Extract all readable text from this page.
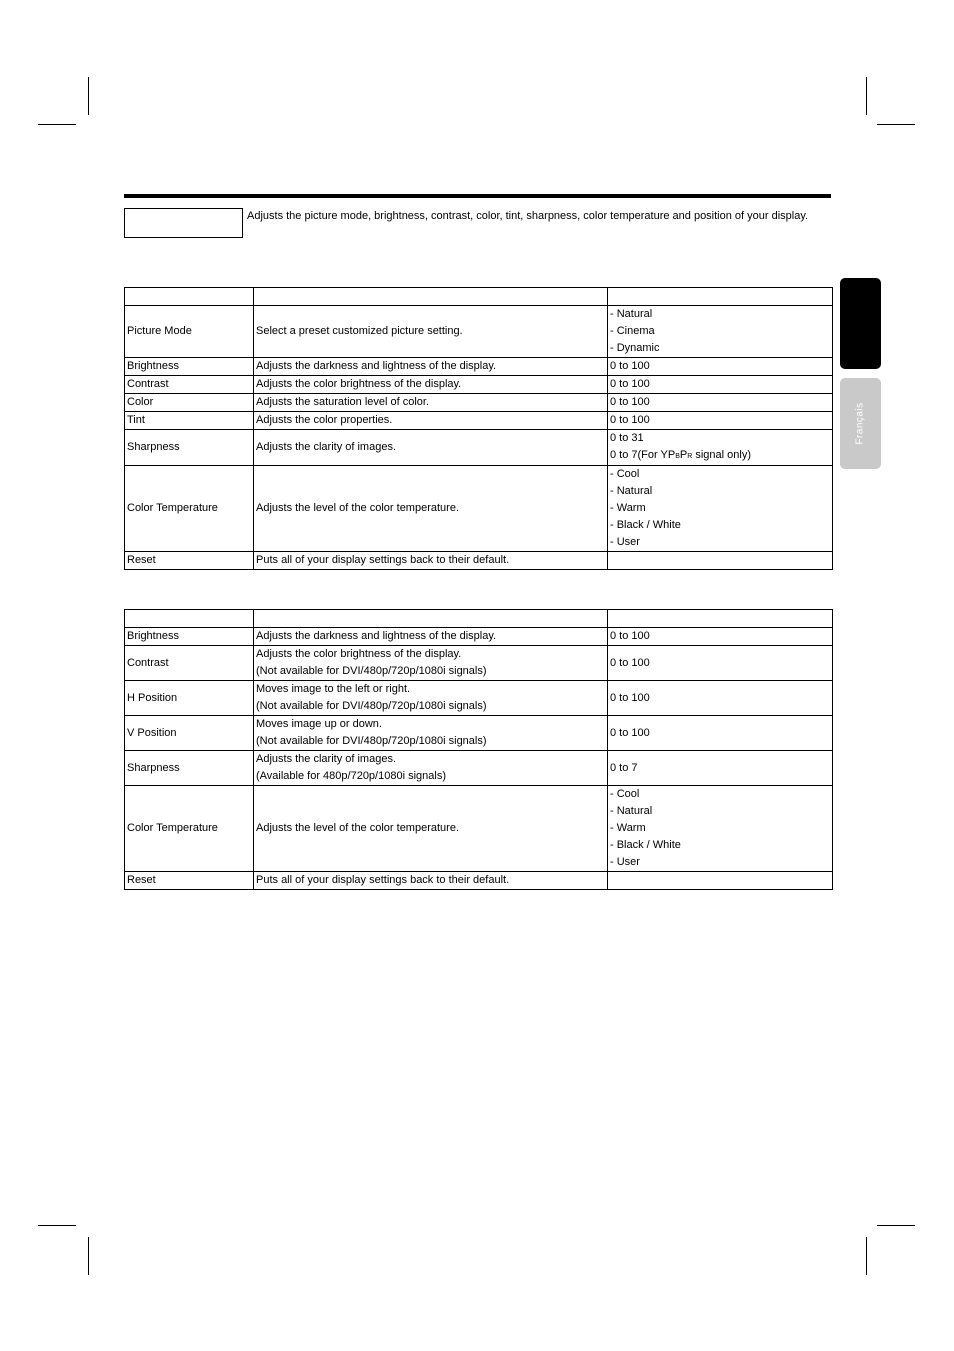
Adjusts the picture mode, brightness, contrast, color, tint, sharpness, color temperature and position of your display.

Français

Picture Mode	Select a preset customized picture setting.	- Natural
- Cinema
- Dynamic

Brightness	Adjusts the darkness and lightness of the display.	0 to 100

Contrast	Adjusts the color brightness of the display.	0 to 100

Color	Adjusts the saturation level of color.	0 to 100

Tint	Adjusts the color properties.	0 to 100

Sharpness	Adjusts the clarity of images.	0 to 31
0 to 7(For YPBPR signal only)

Color Temperature	Adjusts the level of the color temperature.	- Cool
- Natural
- Warm
- Black / White
- User

Reset	Puts all of your display settings back to their default.	

Brightness	Adjusts the darkness and lightness of the display.	0 to 100

Contrast	Adjusts the color brightness of the display.
(Not available for DVI/480p/720p/1080i signals)	0 to 100

H Position	Moves image to the left or right.
(Not available for DVI/480p/720p/1080i signals)	0 to 100

V Position	Moves image up or down.
(Not available for DVI/480p/720p/1080i signals)	0 to 100

Sharpness	Adjusts the clarity of images.
(Available for 480p/720p/1080i signals)	0 to 7

Color Temperature	Adjusts the level of the color temperature.	- Cool
- Natural
- Warm
- Black / White
- User

Reset	Puts all of your display settings back to their default.	
